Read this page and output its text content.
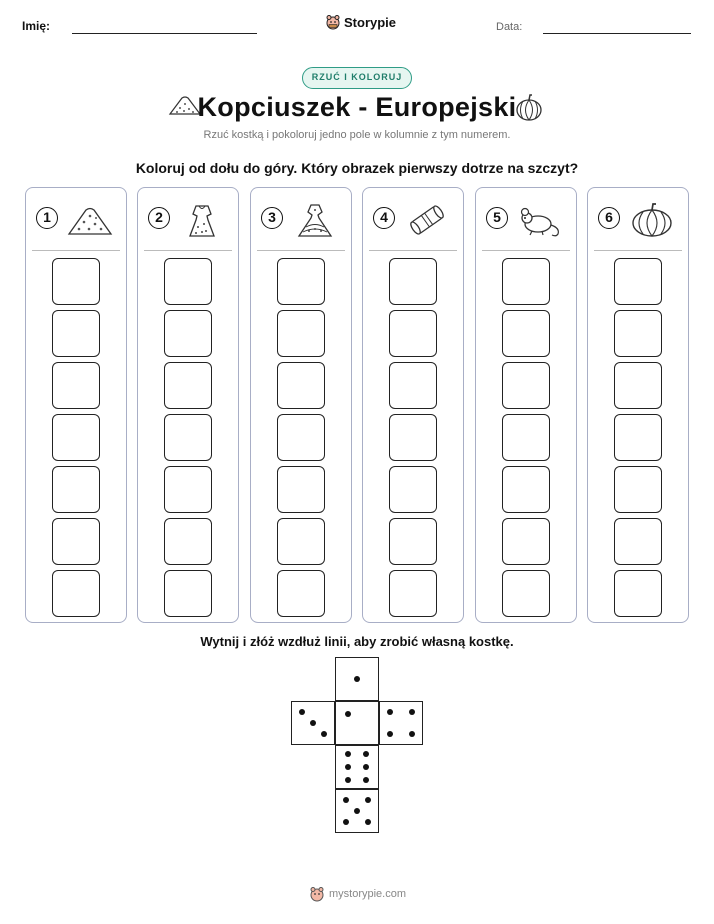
Imię:	Storypie	Data:
RZUĆ I KOLORUJ
Kopciuszek - Europejski
Rzuć kostką i pokoloruj jedno pole w kolumnie z tym numerem.
Koloruj od dołu do góry. Który obrazek pierwszy dotrze na szczyt?
1	2	3	4	5	6
Wytnij i złóż wzdłuż linii, aby zrobić własną kostkę.
mystorypie.com
